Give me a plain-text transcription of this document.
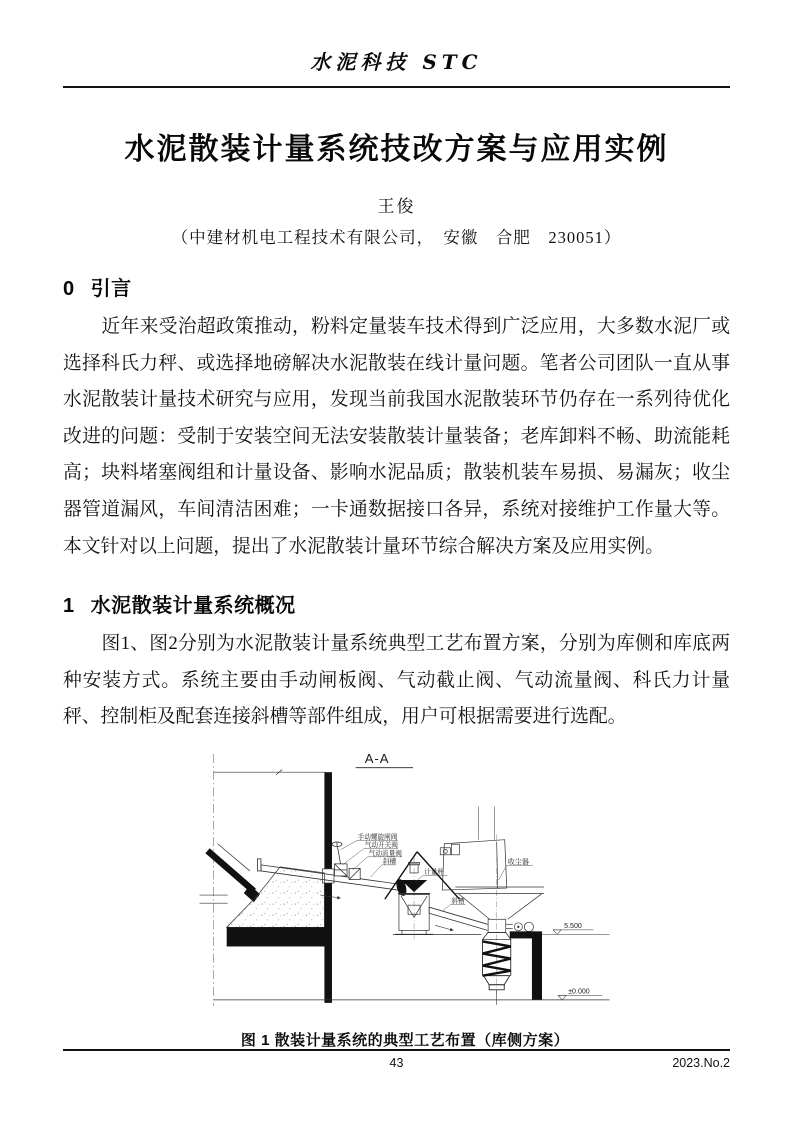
水泥科技 STC
水泥散装计量系统技改方案与应用实例
王俊
（中建材机电工程技术有限公司，　安徽　合肥　230051）
0 引言

近年来受治超政策推动，粉料定量装车技术得到广泛应用，大多数水泥厂或选择科氏力秤、或选择地磅解决水泥散装在线计量问题。笔者公司团队一直从事水泥散装计量技术研究与应用，发现当前我国水泥散装环节仍存在一系列待优化改进的问题：受制于安装空间无法安装散装计量装备；老库卸料不畅、助流能耗高；块料堵塞阀组和计量设备、影响水泥品质；散装机装车易损、易漏灰；收尘器管道漏风，车间清洁困难；一卡通数据接口各异，系统对接维护工作量大等。本文针对以上问题，提出了水泥散装计量环节综合解决方案及应用实例。

1 水泥散装计量系统概况

图1、图2分别为水泥散装计量系统典型工艺布置方案，分别为库侧和库底两种安装方式。系统主要由手动闸板阀、气动截止阀、气动流量阀、科氏力计量秤、控制柜及配套连接斜槽等部件组成，用户可根据需要进行选配。

A-A
手动螺旋闸阀
气动开关阀
气动流量阀
斜槽
计量秤
斜槽
收尘器
5.500
±0.000
图 1 散装计量系统的典型工艺布置（库侧方案）
43	2023.No.2
